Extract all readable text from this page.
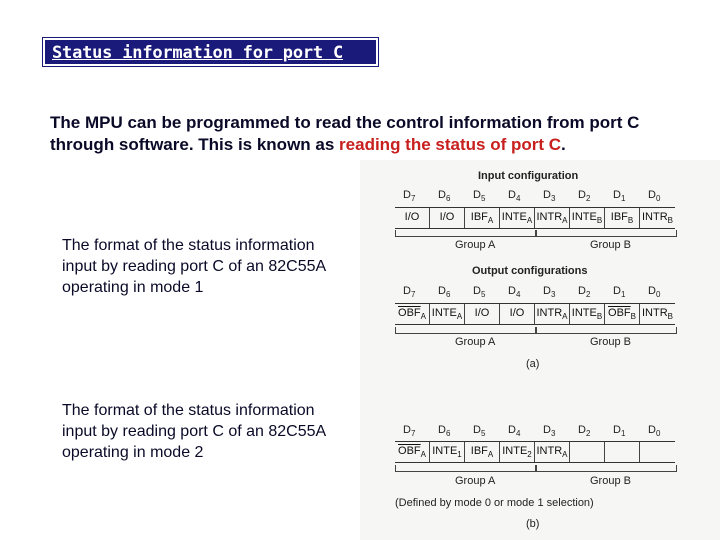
Status information for port C
The MPU can be programmed to read the control information from port C through software. This is known as reading the status of port C.
The format of the status information input by reading port C of an 82C55A operating in mode 1
The format of the status information input by reading port C of an 82C55A operating in mode 2
Input configuration
$D_7$ $D_6$ $D_5$ $D_4$ $D_3$ $D_2$ $D_1$ $D_0$
I/O	I/O	$IBF_A$ $INTE_A$ $INTR_A$ $INTE_B$ $IBF_B$ $INTR_B$
Group A	Group B
Output configurations
$D_7$ $D_6$ $D_5$ $D_4$ $D_3$ $D_2$ $D_1$ $D_0$
$\overline{OBF}_A$ $INTE_A$	I/O	I/O	$INTR_A$ $INTE_B$ $\overline{OBF}_B$ $INTR_B$
Group A	Group B
(a)
$D_7$ $D_6$ $D_5$ $D_4$ $D_3$ $D_2$ $D_1$ $D_0$
$\overline{OBF}_A$ $INTE_1$ $IBF_A$ $INTE_2$ $INTR_A$
Group A	Group B
(Defined by mode 0 or mode 1 selection)
(b)
